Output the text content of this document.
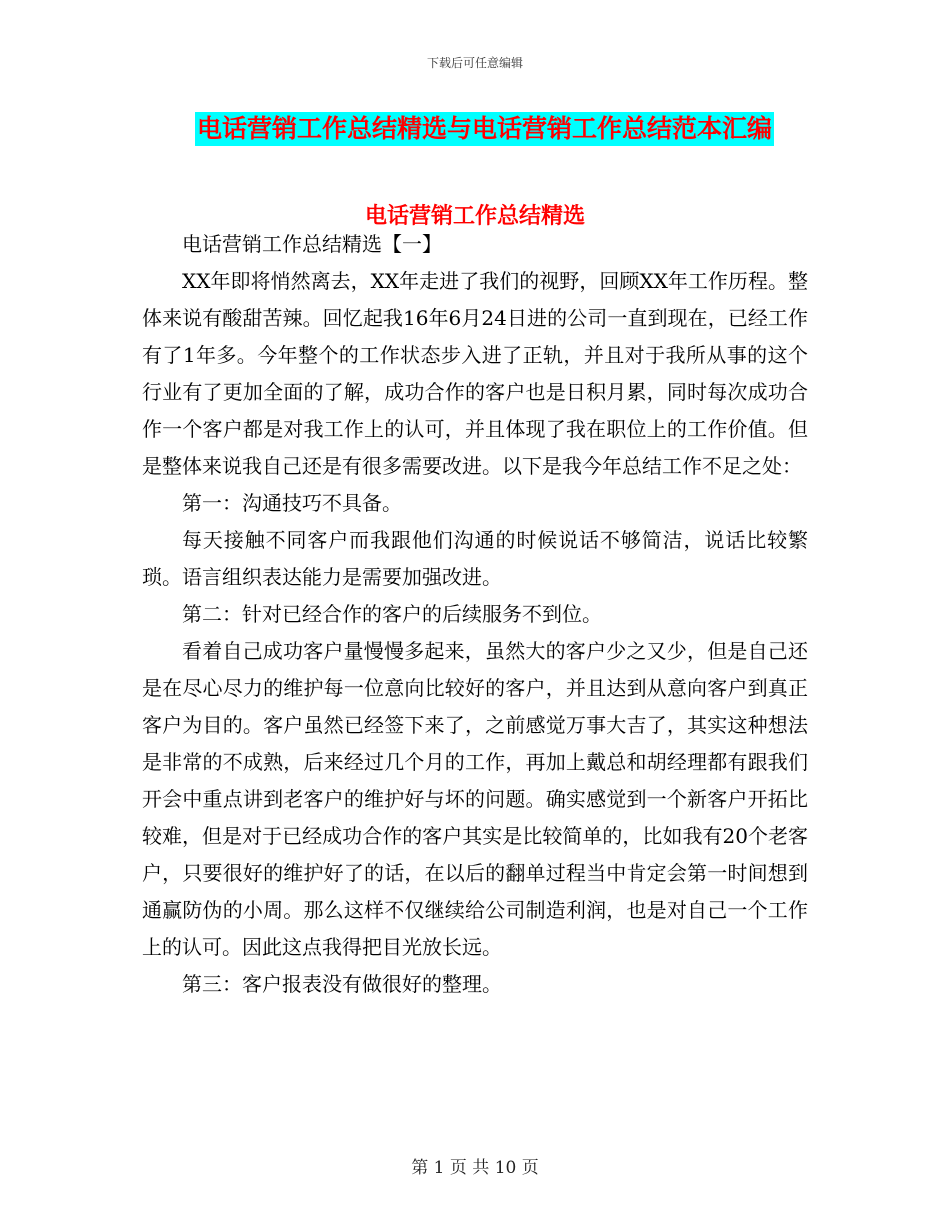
下载后可任意编辑
电话营销工作总结精选与电话营销工作总结范本汇编
电话营销工作总结精选

电话营销工作总结精选【一】

XX年即将悄然离去，XX年走进了我们的视野，回顾XX年工作历程。整体来说有酸甜苦辣。回忆起我16年6月24日进的公司一直到现在，已经工作有了1年多。今年整个的工作状态步入进了正轨，并且对于我所从事的这个行业有了更加全面的了解，成功合作的客户也是日积月累，同时每次成功合作一个客户都是对我工作上的认可，并且体现了我在职位上的工作价值。但是整体来说我自己还是有很多需要改进。以下是我今年总结工作不足之处：

第一：沟通技巧不具备。

每天接触不同客户而我跟他们沟通的时候说话不够简洁，说话比较繁琐。语言组织表达能力是需要加强改进。

第二：针对已经合作的客户的后续服务不到位。

看着自己成功客户量慢慢多起来，虽然大的客户少之又少，但是自己还是在尽心尽力的维护每一位意向比较好的客户，并且达到从意向客户到真正客户为目的。客户虽然已经签下来了，之前感觉万事大吉了，其实这种想法是非常的不成熟，后来经过几个月的工作，再加上戴总和胡经理都有跟我们开会中重点讲到老客户的维护好与坏的问题。确实感觉到一个新客户开拓比较难，但是对于已经成功合作的客户其实是比较简单的，比如我有20个老客户，只要很好的维护好了的话，在以后的翻单过程当中肯定会第一时间想到通赢防伪的小周。那么这样不仅继续给公司制造利润，也是对自己一个工作上的认可。因此这点我得把目光放长远。

第三：客户报表没有做很好的整理。

第 1 页 共 10 页
